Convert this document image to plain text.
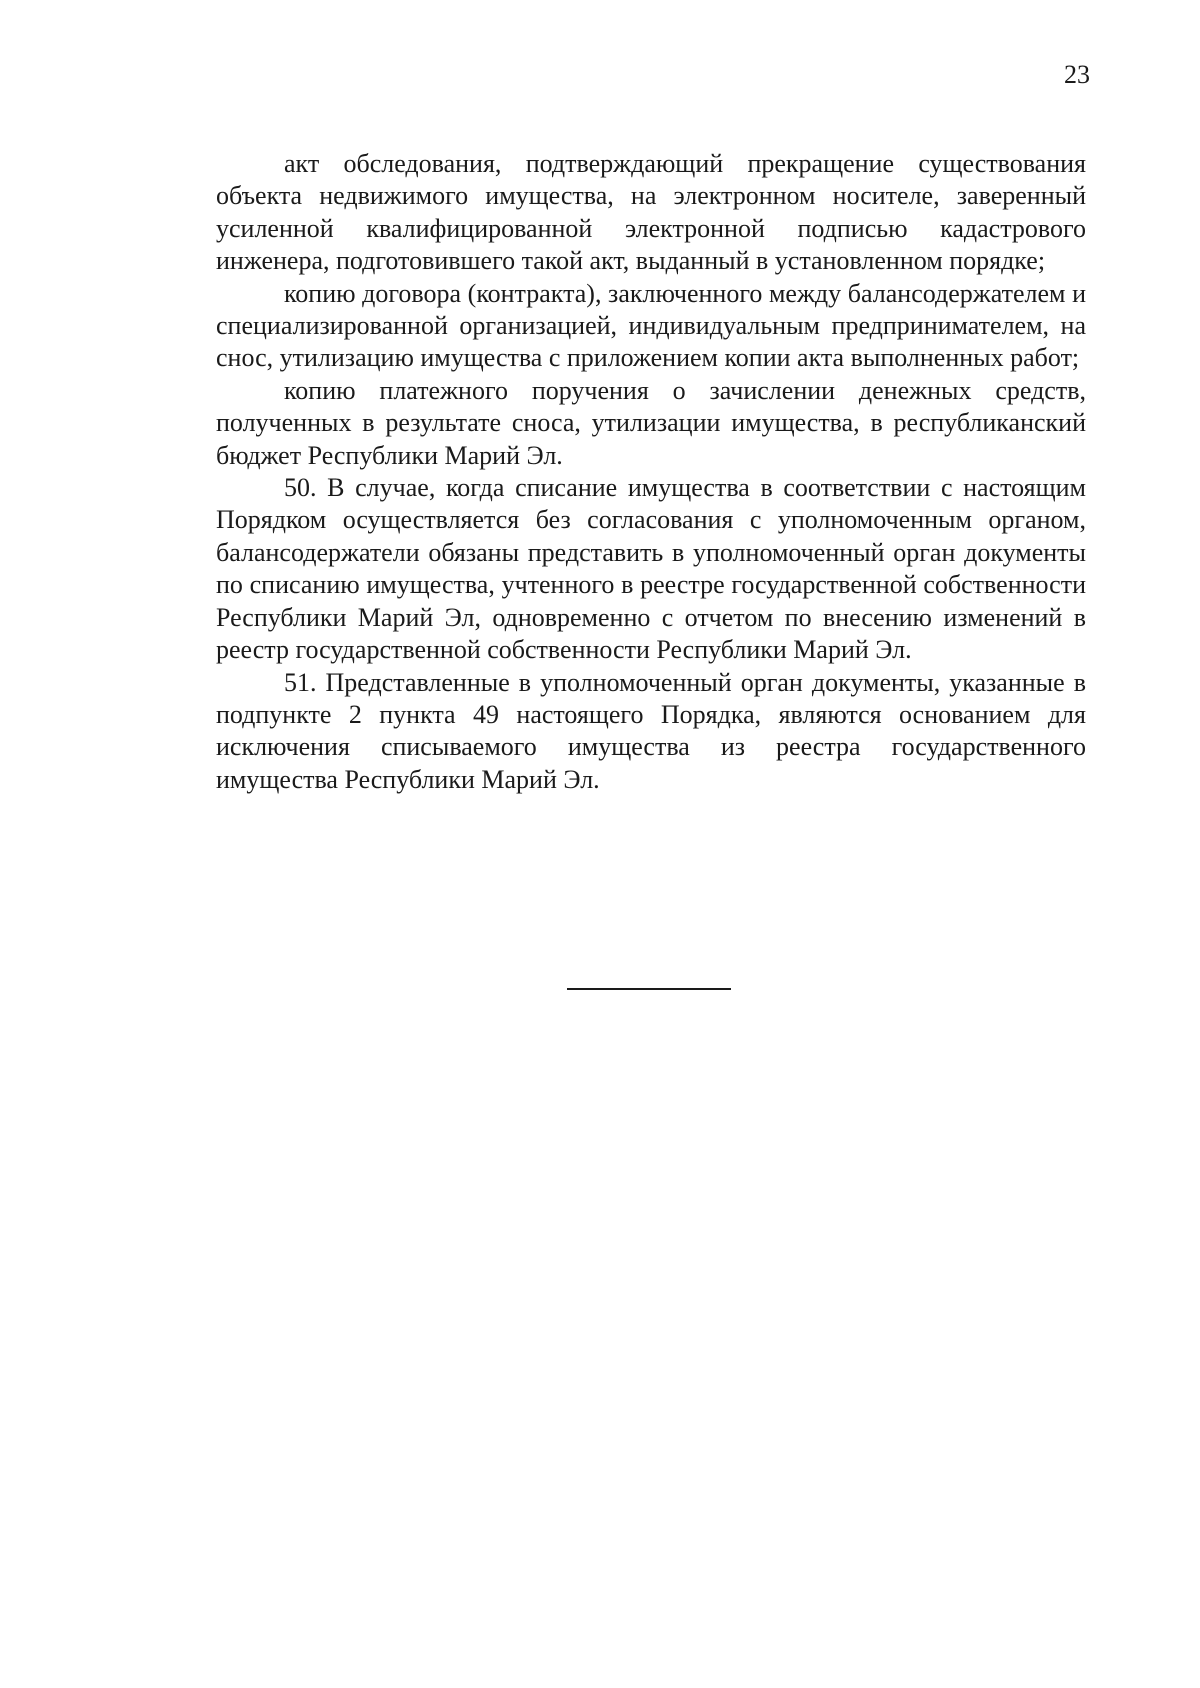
23

акт обследования, подтверждающий прекращение существования объекта недвижимого имущества, на электронном носителе, заверенный усиленной квалифицированной электронной подписью кадастрового инженера, подготовившего такой акт, выданный в установленном порядке;

копию договора (контракта), заключенного между балансодержателем и специализированной организацией, индивидуальным предпринимателем, на снос, утилизацию имущества с приложением копии акта выполненных работ;

копию платежного поручения о зачислении денежных средств, полученных в результате сноса, утилизации имущества, в республиканский бюджет Республики Марий Эл.

50. В случае, когда списание имущества в соответствии с настоящим Порядком осуществляется без согласования с уполномоченным органом, балансодержатели обязаны представить в уполномоченный орган документы по списанию имущества, учтенного в реестре государственной собственности Республики Марий Эл, одновременно с отчетом по внесению изменений в реестр государственной собственности Республики Марий Эл.

51. Представленные в уполномоченный орган документы, указанные в подпункте 2 пункта 49 настоящего Порядка, являются основанием для исключения списываемого имущества из реестра государственного имущества Республики Марий Эл.
